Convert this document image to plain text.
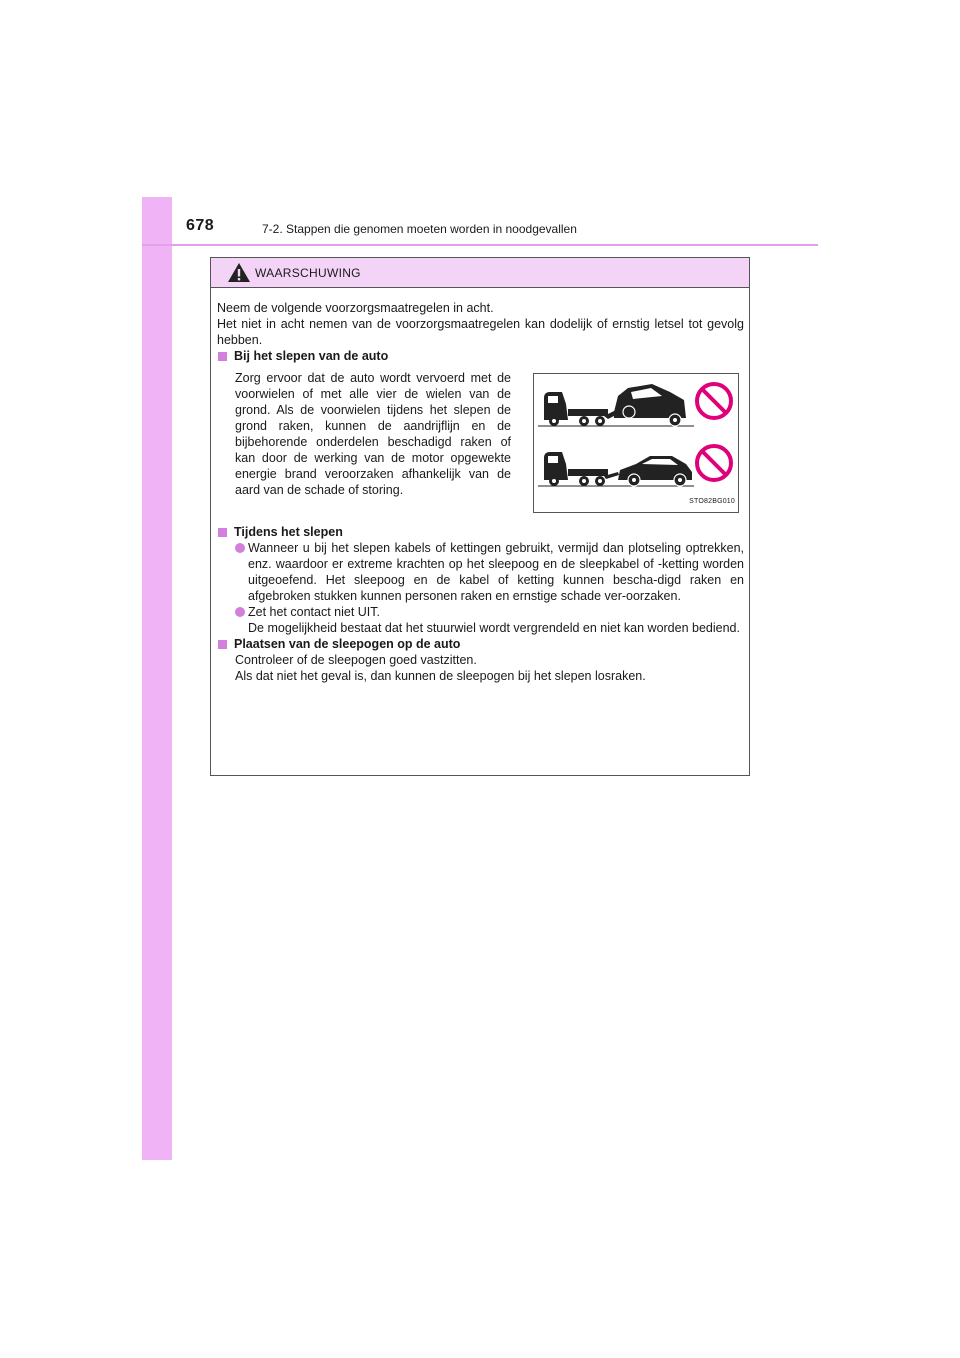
678	7-2. Stappen die genomen moeten worden in noodgevallen
WAARSCHUWING

Neem de volgende voorzorgsmaatregelen in acht.

Het niet in acht nemen van de voorzorgsmaatregelen kan dodelijk of ernstig letsel tot gevolg hebben.

Bij het slepen van de auto

Zorg ervoor dat de auto wordt vervoerd met de voorwielen of met alle vier de wielen van de grond. Als de voorwielen tijdens het slepen de grond raken, kunnen de aandrijflijn en de bijbehorende onderdelen beschadigd raken of kan door de werking van de motor opgewekte energie brand veroorzaken afhankelijk van de aard van de schade of storing.

STO82BG010

Tijdens het slepen

Wanneer u bij het slepen kabels of kettingen gebruikt, vermijd dan plotseling optrekken, enz. waardoor er extreme krachten op het sleepoog en de sleepkabel of -ketting worden uitgeoefend. Het sleepoog en de kabel of ketting kunnen bescha-digd raken en afgebroken stukken kunnen personen raken en ernstige schade ver-oorzaken.

Zet het contact niet UIT.

De mogelijkheid bestaat dat het stuurwiel wordt vergrendeld en niet kan worden bediend.

Plaatsen van de sleepogen op de auto

Controleer of de sleepogen goed vastzitten.

Als dat niet het geval is, dan kunnen de sleepogen bij het slepen losraken.
